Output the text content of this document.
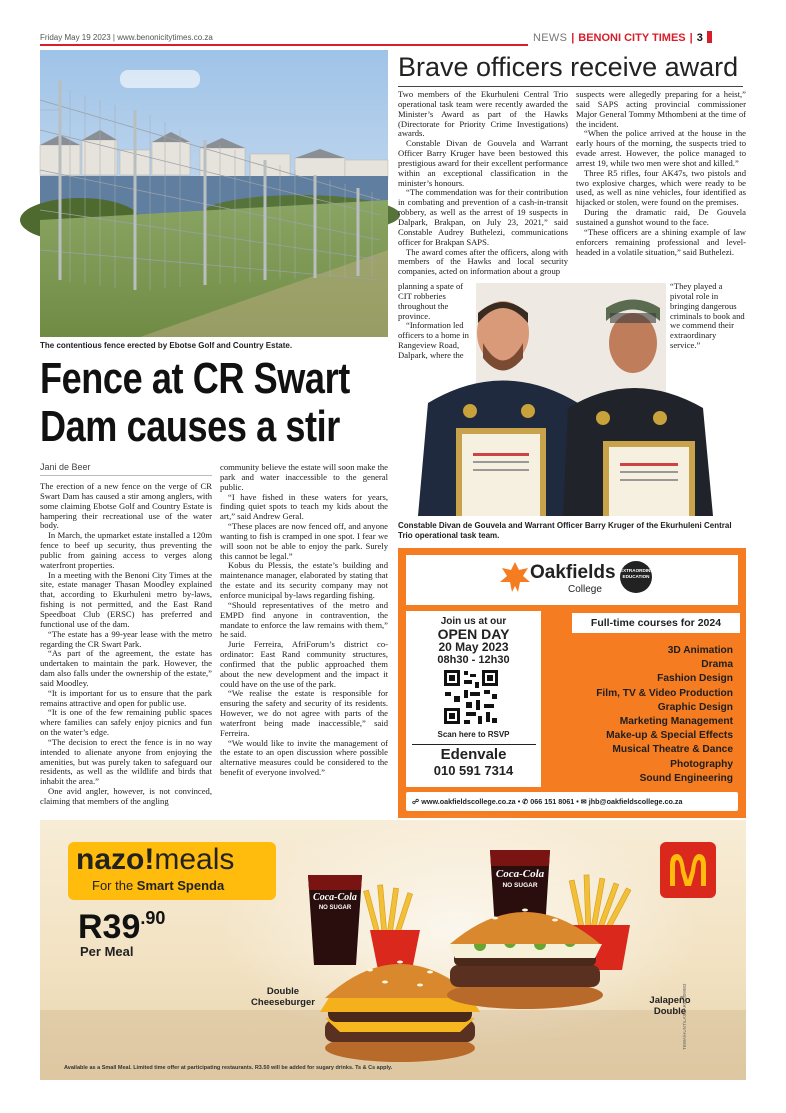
Friday May 19 2023 | www.benonicitytimes.co.za	NEWS | BENONI CITY TIMES | 3
The contentious fence erected by Ebotse Golf and Country Estate.
Fence at CR Swart
Dam causes a stir
Jani de Beer

The erection of a new fence on the verge of CR Swart Dam has caused a stir among anglers, with some claiming Ebotse Golf and Country Estate is hampering their recreational use of the water body.

In March, the upmarket estate installed a 120m fence to beef up security, thus preventing the public from gaining access to verges along waterfront properties.

In a meeting with the Benoni City Times at the site, estate manager Thasan Moodley explained that, according to Ekurhuleni metro by-laws, fishing is not permitted, and the East Rand Speedboat Club (ERSC) has preferred and functional use of the dam.

“The estate has a 99-year lease with the metro regarding the CR Swart Park.

“As part of the agreement, the estate has undertaken to maintain the park. However, the dam also falls under the ownership of the estate,” said Moodley.

“It is important for us to ensure that the park remains attractive and open for public use.

“It is one of the few remaining public spaces where families can safely enjoy picnics and fun on the water’s edge.

“The decision to erect the fence is in no way intended to alienate anyone from enjoying the amenities, but was purely taken to safeguard our residents, as well as the wildlife and birds that inhabit the area.”

One avid angler, however, is not convinced, claiming that members of the angling

community believe the estate will soon make the park and water inaccessible to the general public.

“I have fished in these waters for years, finding quiet spots to teach my kids about the art,” said Andrew Geral.

“These places are now fenced off, and anyone wanting to fish is cramped in one spot. I fear we will soon not be able to enjoy the park. Surely this cannot be legal.”

Kobus du Plessis, the estate’s building and maintenance manager, elaborated by stating that the estate and its security company may not enforce municipal by-laws regarding fishing.

“Should representatives of the metro and EMPD find anyone in contravention, the mandate to enforce the law remains with them,” he said.

Jurie Ferreira, AfriForum’s district co-ordinator: East Rand community structures, confirmed that the public approached them about the new development and the impact it could have on the use of the park.

“We realise the estate is responsible for ensuring the safety and security of its residents. However, we do not agree with parts of the waterfront being made inaccessible,” said Ferreira.

“We would like to invite the management of the estate to an open discussion where possible alternative measures could be considered to the benefit of everyone involved.”

Brave officers receive award

Two members of the Ekurhuleni Central Trio operational task team were recently awarded the Minister’s Award as part of the Hawks (Directorate for Priority Crime Investigations) awards.

Constable Divan de Gouvela and Warrant Officer Barry Kruger have been bestowed this prestigious award for their excellent performance within an exceptional classification in the minister’s honours.

“The commendation was for their contribution in combating and prevention of a cash-in-transit robbery, as well as the arrest of 19 suspects in Dalpark, Brakpan, on July 23, 2021,” said Constable Audrey Buthelezi, communications officer for Brakpan SAPS.

The award comes after the officers, along with members of the Hawks and local security companies, acted on information about a group

planning a spate of CIT robberies throughout the province.

“Information led officers to a home in Rangeview Road, Dalpark, where the

suspects were allegedly preparing for a heist,” said SAPS acting provincial commissioner Major General Tommy Mthombeni at the time of the incident.

“When the police arrived at the house in the early hours of the morning, the suspects tried to evade arrest. However, the police managed to arrest 19, while two men were shot and killed.”

Three R5 rifles, four AK47s, two pistols and two explosive charges, which were ready to be used, as well as nine vehicles, four identified as hijacked or stolen, were found on the premises.

During the dramatic raid, De Gouvela sustained a gunshot wound to the face.

“These officers are a shining example of law enforcers remaining professional and level-headed in a volatile situation,” said Buthelezi.

“They played a pivotal role in bringing dangerous criminals to book and we commend their extraordinary service.”

Constable Divan de Gouvela and Warrant Officer Barry Kruger of the Ekurhuleni Central Trio operational task team.
Oakfields
College
EXTRAORDINARY EDUCATION
Join us at our
OPEN DAY
20 May 2023
08h30 - 12h30
Scan here to RSVP
Edenvale
010 591 7314
Full-time courses for 2024
3D Animation
Drama
Fashion Design
Film, TV & Video Production
Graphic Design
Marketing Management
Make-up & Special Effects
Musical Theatre & Dance
Photography
Sound Engineering
☍ www.oakfieldscollege.co.za • ✆ 066 151 8061 • ✉ jhb@oakfieldscollege.co.za
nazo!meals
For the Smart Spenda
R39.90
Per Meal
Double
Cheeseburger	Jalapeño
Double
Coca-Cola
NO SUGAR
Coca-Cola
NO SUGAR
Available as a Small Meal. Limited time offer at participating restaurants. R3.50 will be added for sugary drinks. Ts & Cs apply.
TBWA\HUNT\LASCARIS 309983
